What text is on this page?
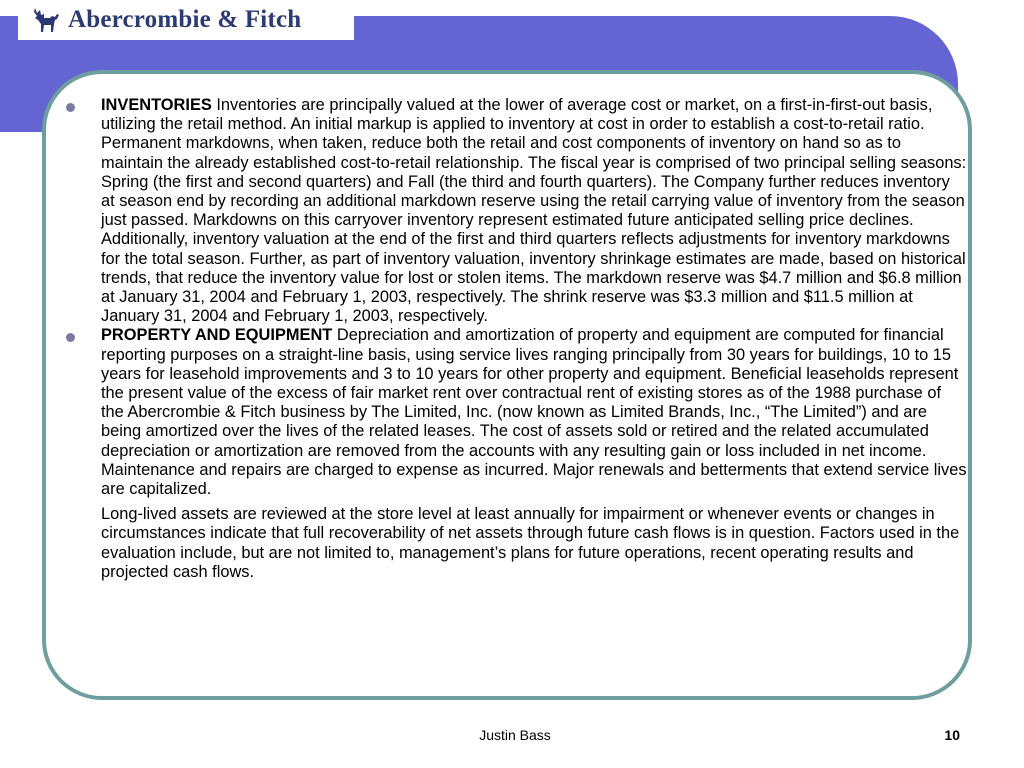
Abercrombie & Fitch
INVENTORIES Inventories are principally valued at the lower of average cost or market, on a first-in-first-out basis, utilizing the retail method. An initial markup is applied to inventory at cost in order to establish a cost-to-retail ratio. Permanent markdowns, when taken, reduce both the retail and cost components of inventory on hand so as to maintain the already established cost-to-retail relationship. The fiscal year is comprised of two principal selling seasons: Spring (the first and second quarters) and Fall (the third and fourth quarters). The Company further reduces inventory at season end by recording an additional markdown reserve using the retail carrying value of inventory from the season just passed. Markdowns on this carryover inventory represent estimated future anticipated selling price declines. Additionally, inventory valuation at the end of the first and third quarters reflects adjustments for inventory markdowns for the total season. Further, as part of inventory valuation, inventory shrinkage estimates are made, based on historical trends, that reduce the inventory value for lost or stolen items. The markdown reserve was $4.7 million and $6.8 million at January 31, 2004 and February 1, 2003, respectively. The shrink reserve was $3.3 million and $11.5 million at January 31, 2004 and February 1, 2003, respectively.
PROPERTY AND EQUIPMENT Depreciation and amortization of property and equipment are computed for financial reporting purposes on a straight-line basis, using service lives ranging principally from 30 years for buildings, 10 to 15 years for leasehold improvements and 3 to 10 years for other property and equipment. Beneficial leaseholds represent the present value of the excess of fair market rent over contractual rent of existing stores as of the 1988 purchase of the Abercrombie & Fitch business by The Limited, Inc. (now known as Limited Brands, Inc., “The Limited”) and are being amortized over the lives of the related leases. The cost of assets sold or retired and the related accumulated depreciation or amortization are removed from the accounts with any resulting gain or loss included in net income. Maintenance and repairs are charged to expense as incurred. Major renewals and betterments that extend service lives are capitalized.
Long-lived assets are reviewed at the store level at least annually for impairment or whenever events or changes in circumstances indicate that full recoverability of net assets through future cash flows is in question. Factors used in the evaluation include, but are not limited to, management’s plans for future operations, recent operating results and projected cash flows.
Justin Bass	10
